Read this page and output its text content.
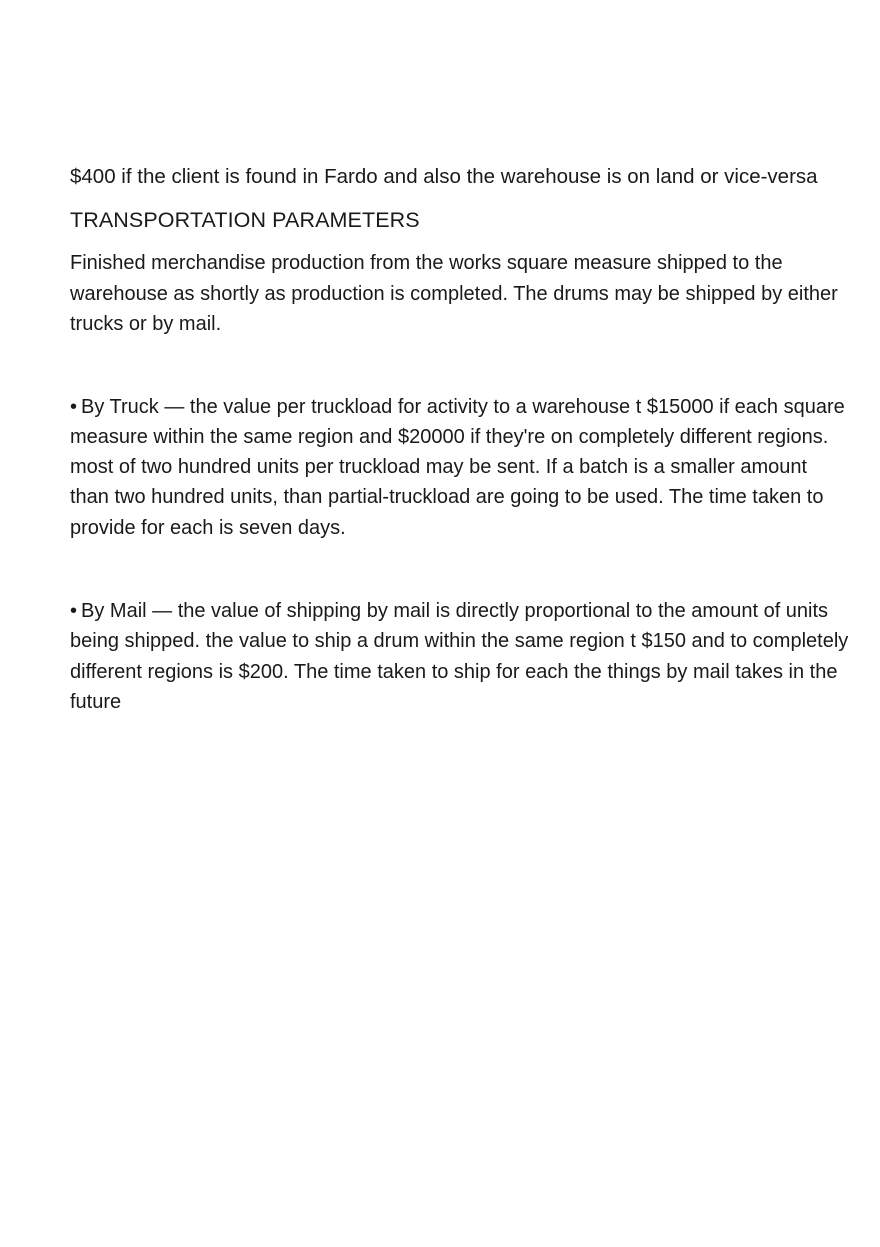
$400 if the client is found in Fardo and also the warehouse is on land or vice-versa

TRANSPORTATION PARAMETERS

Finished merchandise production from the works square measure shipped to the warehouse as shortly as production is completed. The drums may be shipped by either trucks or by mail.

• By Truck — the value per truckload for activity to a warehouse t $15000 if each square measure within the same region and $20000 if they're on completely different regions. most of two hundred units per truckload may be sent. If a batch is a smaller amount than two hundred units, than partial-truckload are going to be used. The time taken to provide for each is seven days.

• By Mail — the value of shipping by mail is directly proportional to the amount of units being shipped. the value to ship a drum within the same region t $150 and to completely different regions is $200. The time taken to ship for each the things by mail takes in the future
